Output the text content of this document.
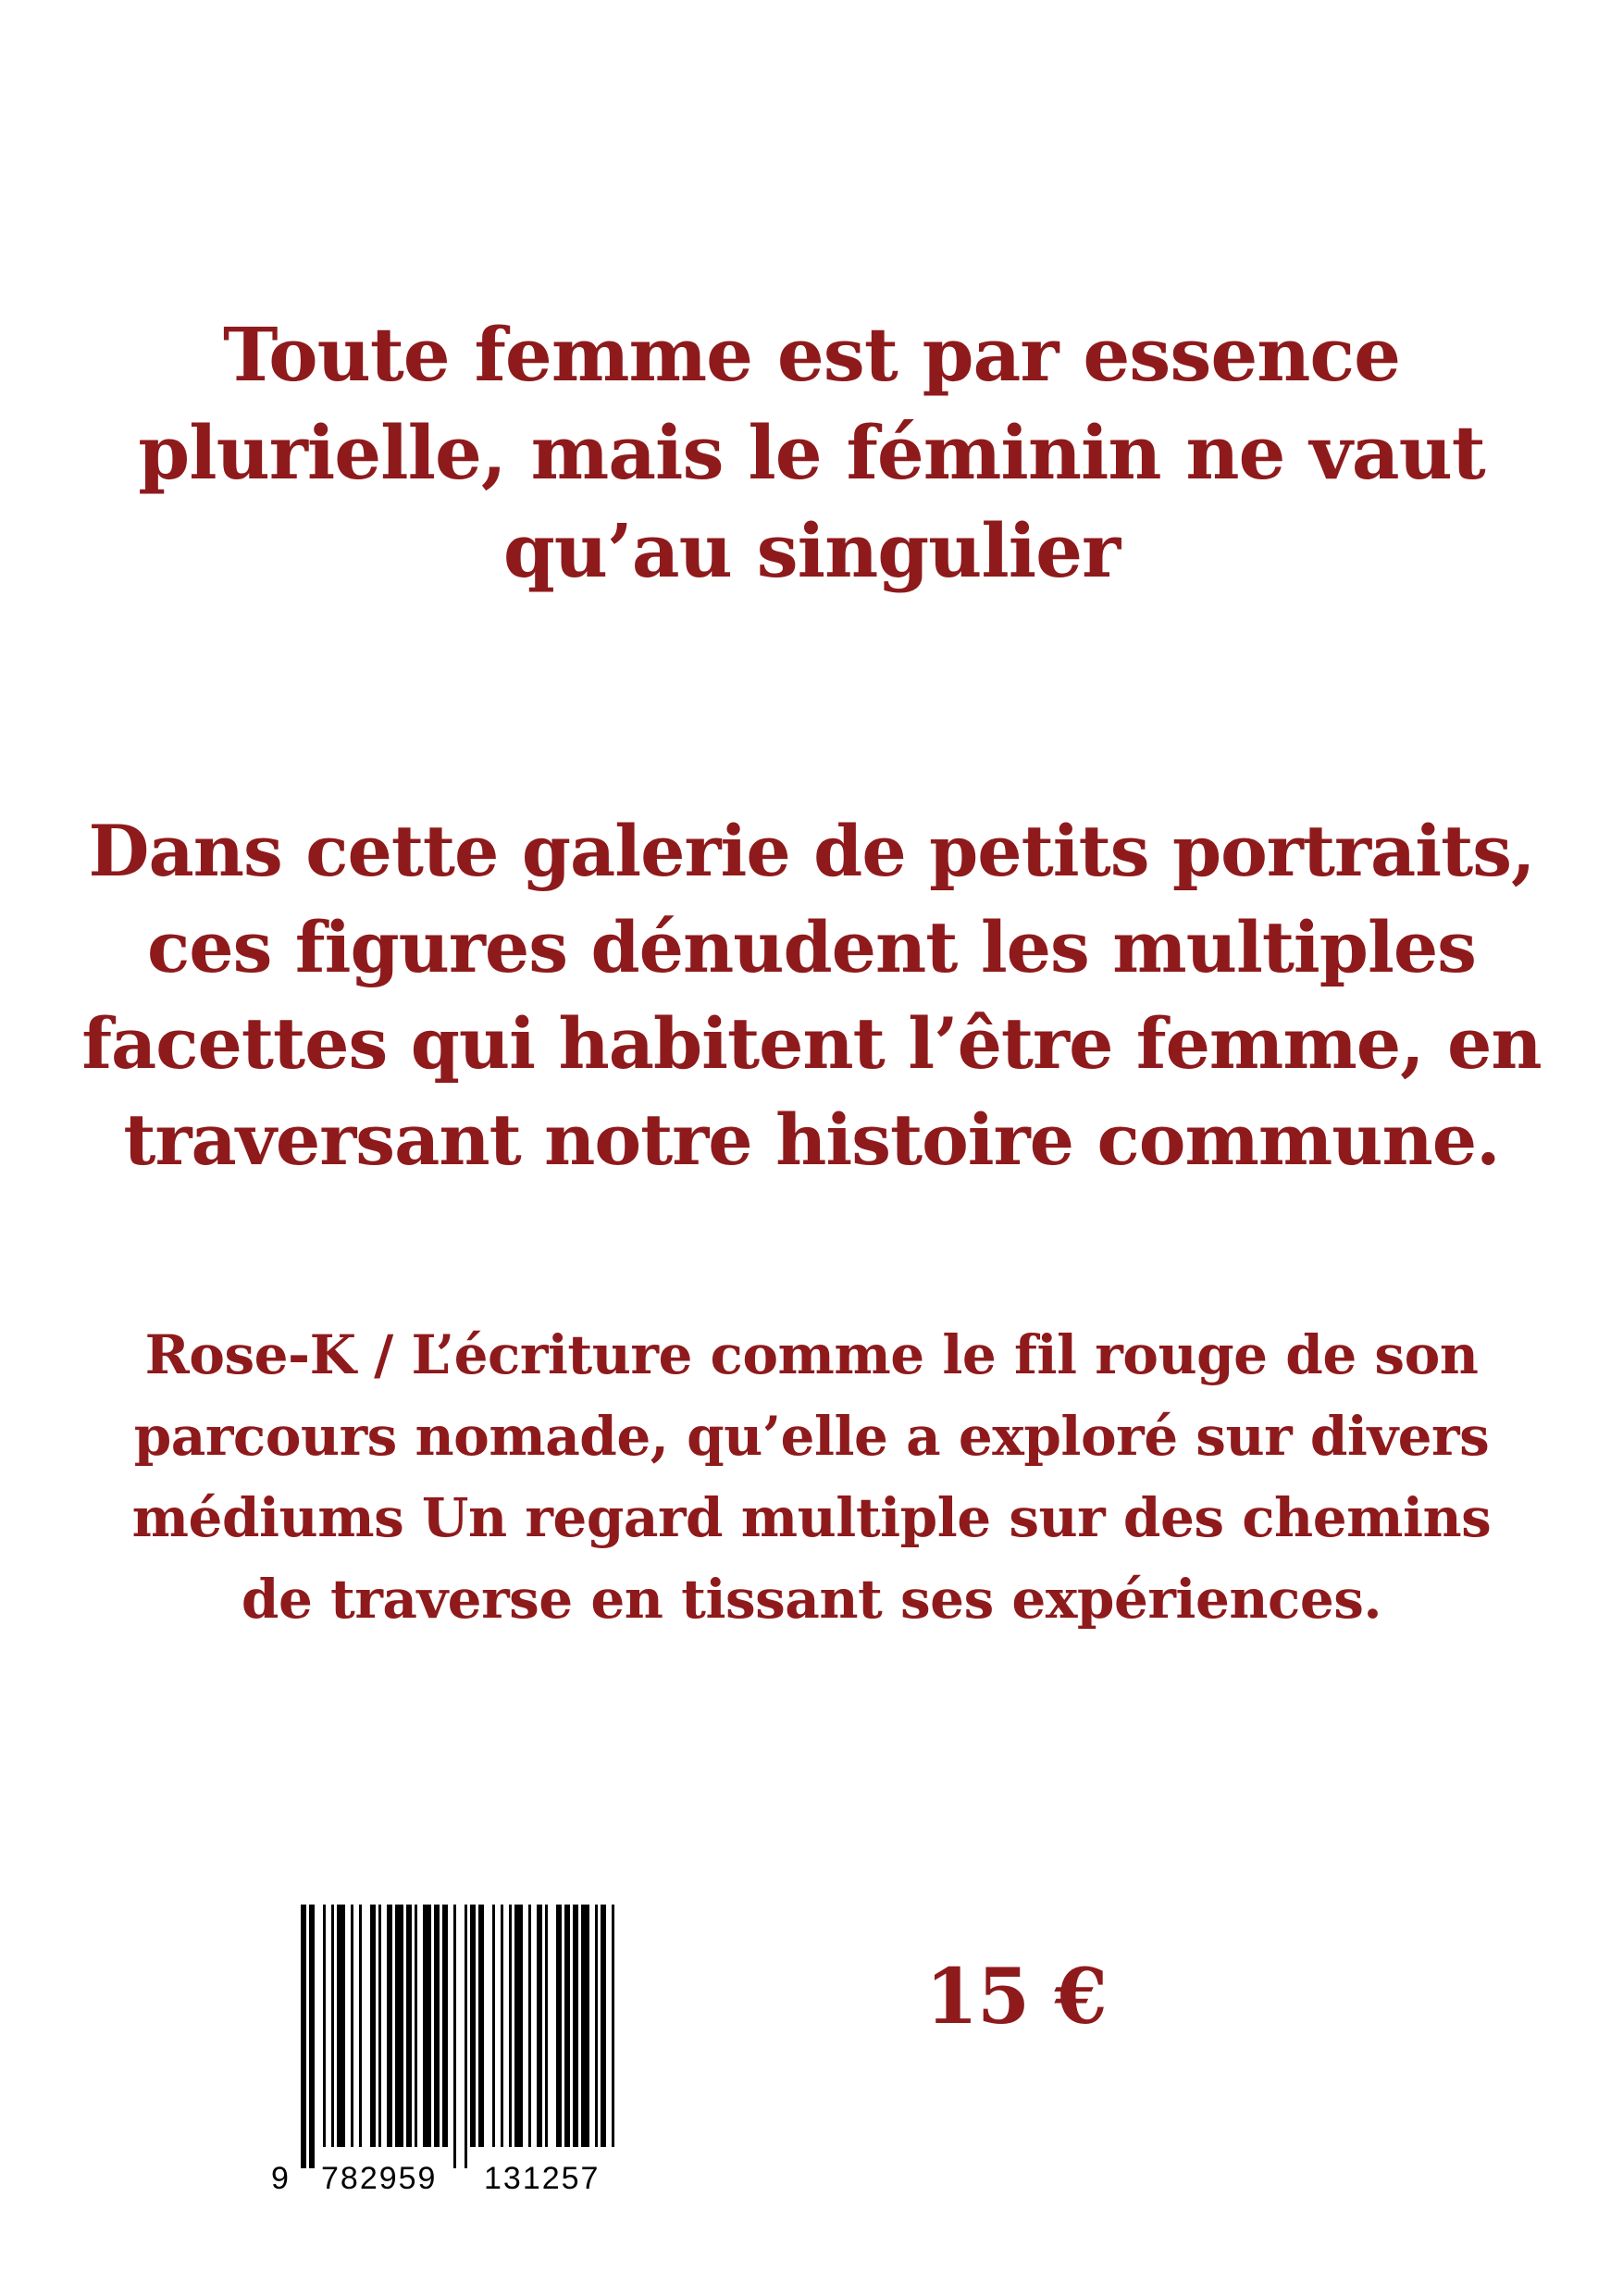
Toute femme est par essence
plurielle, mais le féminin ne vaut
qu’au singulier
Dans cette galerie de petits portraits,
ces figures dénudent les multiples
facettes qui habitent l’être femme, en
traversant notre histoire commune.
Rose-K / L’écriture comme le fil rouge de son
parcours nomade, qu’elle a exploré sur divers
médiums Un regard multiple sur des chemins
de traverse en tissant ses expériences.
9 782959 131257
15 €
